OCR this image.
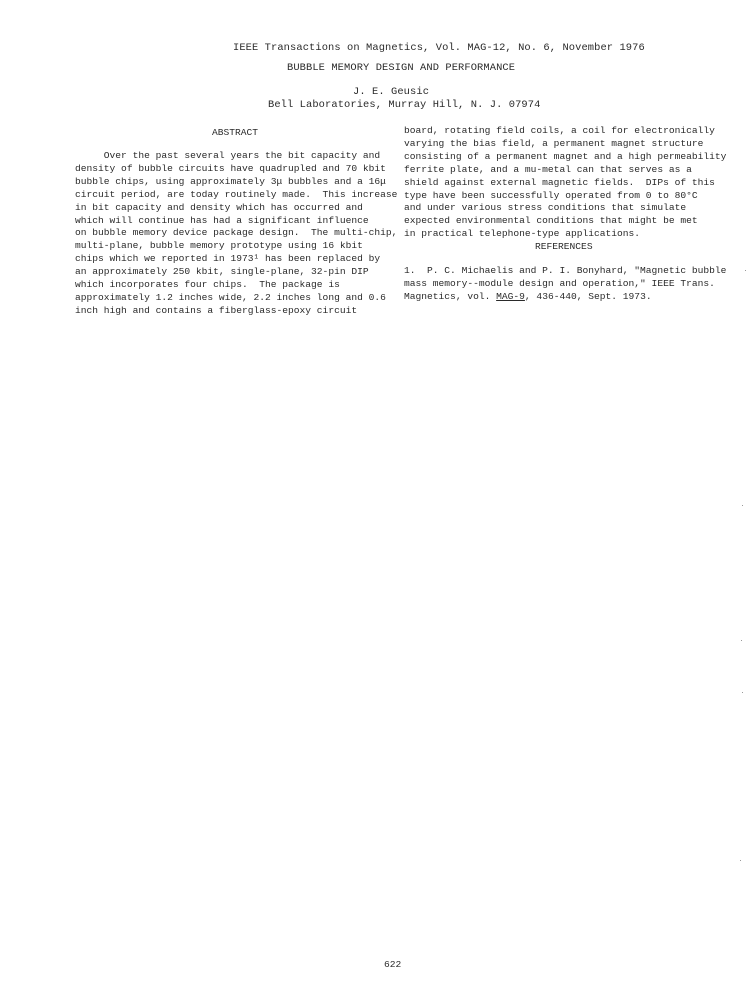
IEEE Transactions on Magnetics, Vol. MAG-12, No. 6, November 1976
BUBBLE MEMORY DESIGN AND PERFORMANCE
J. E. Geusic
Bell Laboratories, Murray Hill, N. J. 07974
ABSTRACT
Over the past several years the bit capacity and
density of bubble circuits have quadrupled and 70 kbit
bubble chips, using approximately 3μ bubbles and a 16μ
circuit period, are today routinely made.  This increase
in bit capacity and density which has occurred and
which will continue has had a significant influence
on bubble memory device package design.  The multi-chip,
multi-plane, bubble memory prototype using 16 kbit
chips which we reported in 1973¹ has been replaced by
an approximately 250 kbit, single-plane, 32-pin DIP
which incorporates four chips.  The package is
approximately 1.2 inches wide, 2.2 inches long and 0.6
inch high and contains a fiberglass-epoxy circuit
board, rotating field coils, a coil for electronically
varying the bias field, a permanent magnet structure
consisting of a permanent magnet and a high permeability
ferrite plate, and a mu-metal can that serves as a
shield against external magnetic fields.  DIPs of this
type have been successfully operated from 0 to 80°C
and under various stress conditions that simulate
expected environmental conditions that might be met
in practical telephone-type applications.
REFERENCES
1.  P. C. Michaelis and P. I. Bonyhard, "Magnetic bubble
mass memory--module design and operation," IEEE Trans.
Magnetics, vol. MAG-9, 436-440, Sept. 1973.
622
